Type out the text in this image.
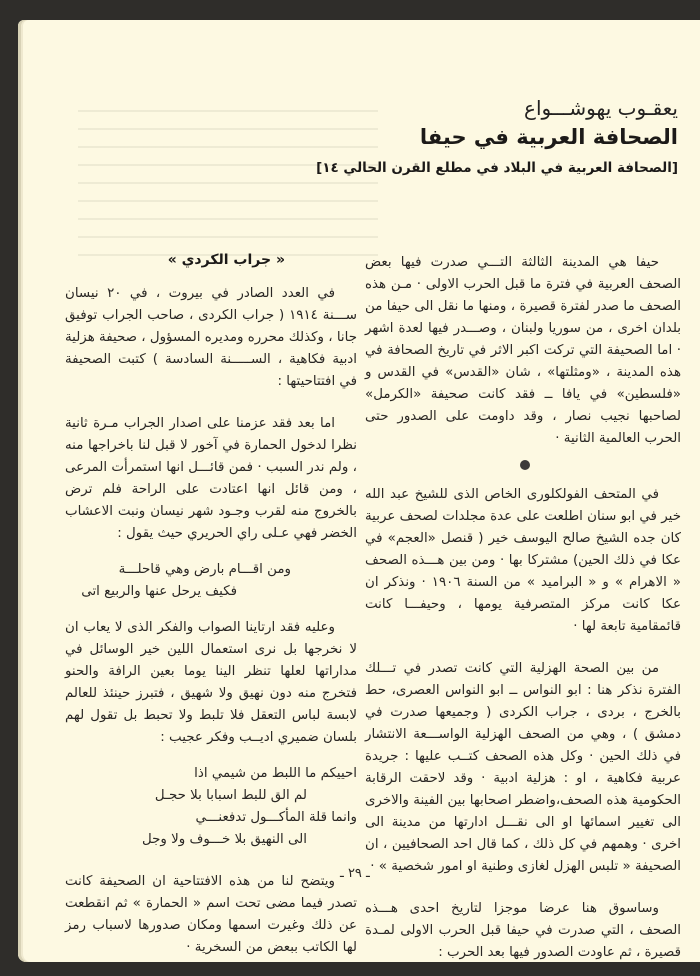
يعقـوب يهوشـــواع
الصحافة العربية في حيفا
[الصحافة العربية في البلاد في مطلع القرن الحالي ١٤]

حيفا هي المدينة الثالثة التـــي صدرت فيها بعض الصحف العربية في فترة ما قبل الحرب الاولى · مـن هذه الصحف ما صدر لفترة قصيرة ، ومنها ما نقل الى حيفا من بلدان اخرى ، من سوريا ولبنان ، وصـــدر فيها لعدة اشهر · اما الصحيفة التي تركت اكبر الاثر في تاريخ الصحافة في هذه المدينة ، «ومثلتها» ، شان «القدس» في القدس و «فلسطين» في يافا ــ فقد كانت صحيفة «الكرمل» لصاحبها نجيب نصار ، وقد داومت على الصدور حتى الحرب العالمية الثانية ·

في المتحف الفولكلورى الخاص الذى للشيخ عبد الله خير في ابو سنان اطلعت على عدة مجلدات لصحف عربية كان جده الشيخ صالح اليوسف خير ( قنصل «العجم» في عكا في ذلك الحين) مشتركا بها · ومن بين هـــذه الصحف « الاهرام » و « البراميد » من السنة ١٩٠٦ · ونذكر ان عكا كانت مركز المتصرفية يومها ، وحيفـــا كانت قائمقامية تابعة لها ·

من بين الصحة الهزلية التي كانت تصدر في تـــلك الفترة نذكر هنا : ابو النواس ــ ابو النواس العصرى، حط بالخرج ، بردى ، جراب الكردى ( وجميعها صدرت في دمشق ) ، وهي من الصحف الهزلية الواســـعة الانتشار في ذلك الحين · وكل هذه الصحف كتــب عليها : جريدة عربية فكاهية ، او : هزلية ادبية · وقد لاحقت الرقابة الحكومية هذه الصحف،واضطر اصحابها بين الفينة والاخرى الى تغيير اسمائها او الى نقـــل ادارتها من مدينة الى اخرى · وهمهم في كل ذلك ، كما قال احد الصحافيين ، ان الصحيفة « تلبس الهزل لغازى وطنية او امور شخصية » ·

وساسوق هنا عرضا موجزا لتاريخ احدى هـــذه الصحف ، التي صدرت في حيفا قبل الحرب الاولى لمـدة قصيرة ، ثم عاودت الصدور فيها بعد الحرب :

« جراب الكردي »

في العدد الصادر في بيروت ، في ٢٠ نيسان ســـنة ١٩١٤ ( جراب الكردى ، صاحب الجراب توفيق جانا ، وكذلك محرره ومديره المسؤول ، صحيفة هزلية ادبية فكاهية ، الســـــنة السادسة ) كتبت الصحيفة في افتتاحيتها :

اما بعد فقد عزمنا على اصدار الجراب مـرة ثانية نظرا لدخول الحمارة في آخور لا قبل لنا باخراجها منه ، ولم ندر السبب · فمن قائـــل انها استمرأت المرعى ، ومن قائل انها اعتادت على الراحة فلم ترض بالخروج منه لقرب وجـود شهر نيسان ونبت الاعشاب الخضر فهي عـلى راي الحريري حيث يقول :

ومن اقـــام بارض وهي قاحلـــة

فكيف يرحل عنها والربيع اتى

وعليه فقد ارتاينا الصواب والفكر الذى لا يعاب ان لا نخرجها بل نرى استعمال اللين خير الوسائل في مداراتها لعلها تنظر الينا يوما بعين الرافة والحنو فتخرج منه دون نهيق ولا شهيق ، فتبرز حينئذ للعالم لابسة لباس التعقل فلا تلبط ولا تحبط بل تقول لهم بلسان ضميري اديــب وفكر عجيب :

احييكم ما اللبط من شيمي اذا

لم الق للبط اسبابا بلا حجـل

وانما قلة المأكـــول تدفعنـــي

الى النهيق بلا خـــوف ولا وجل

ويتضح لنا من هذه الافتتاحية ان الصحيفة كانت تصدر فيما مضى تحت اسم « الحمارة » ثم انقطعت عن ذلك وغيرت اسمها ومكان صدورها لاسباب رمز لها الكاتب ببعض من السخرية ·

ـ ٢٩ ـ
